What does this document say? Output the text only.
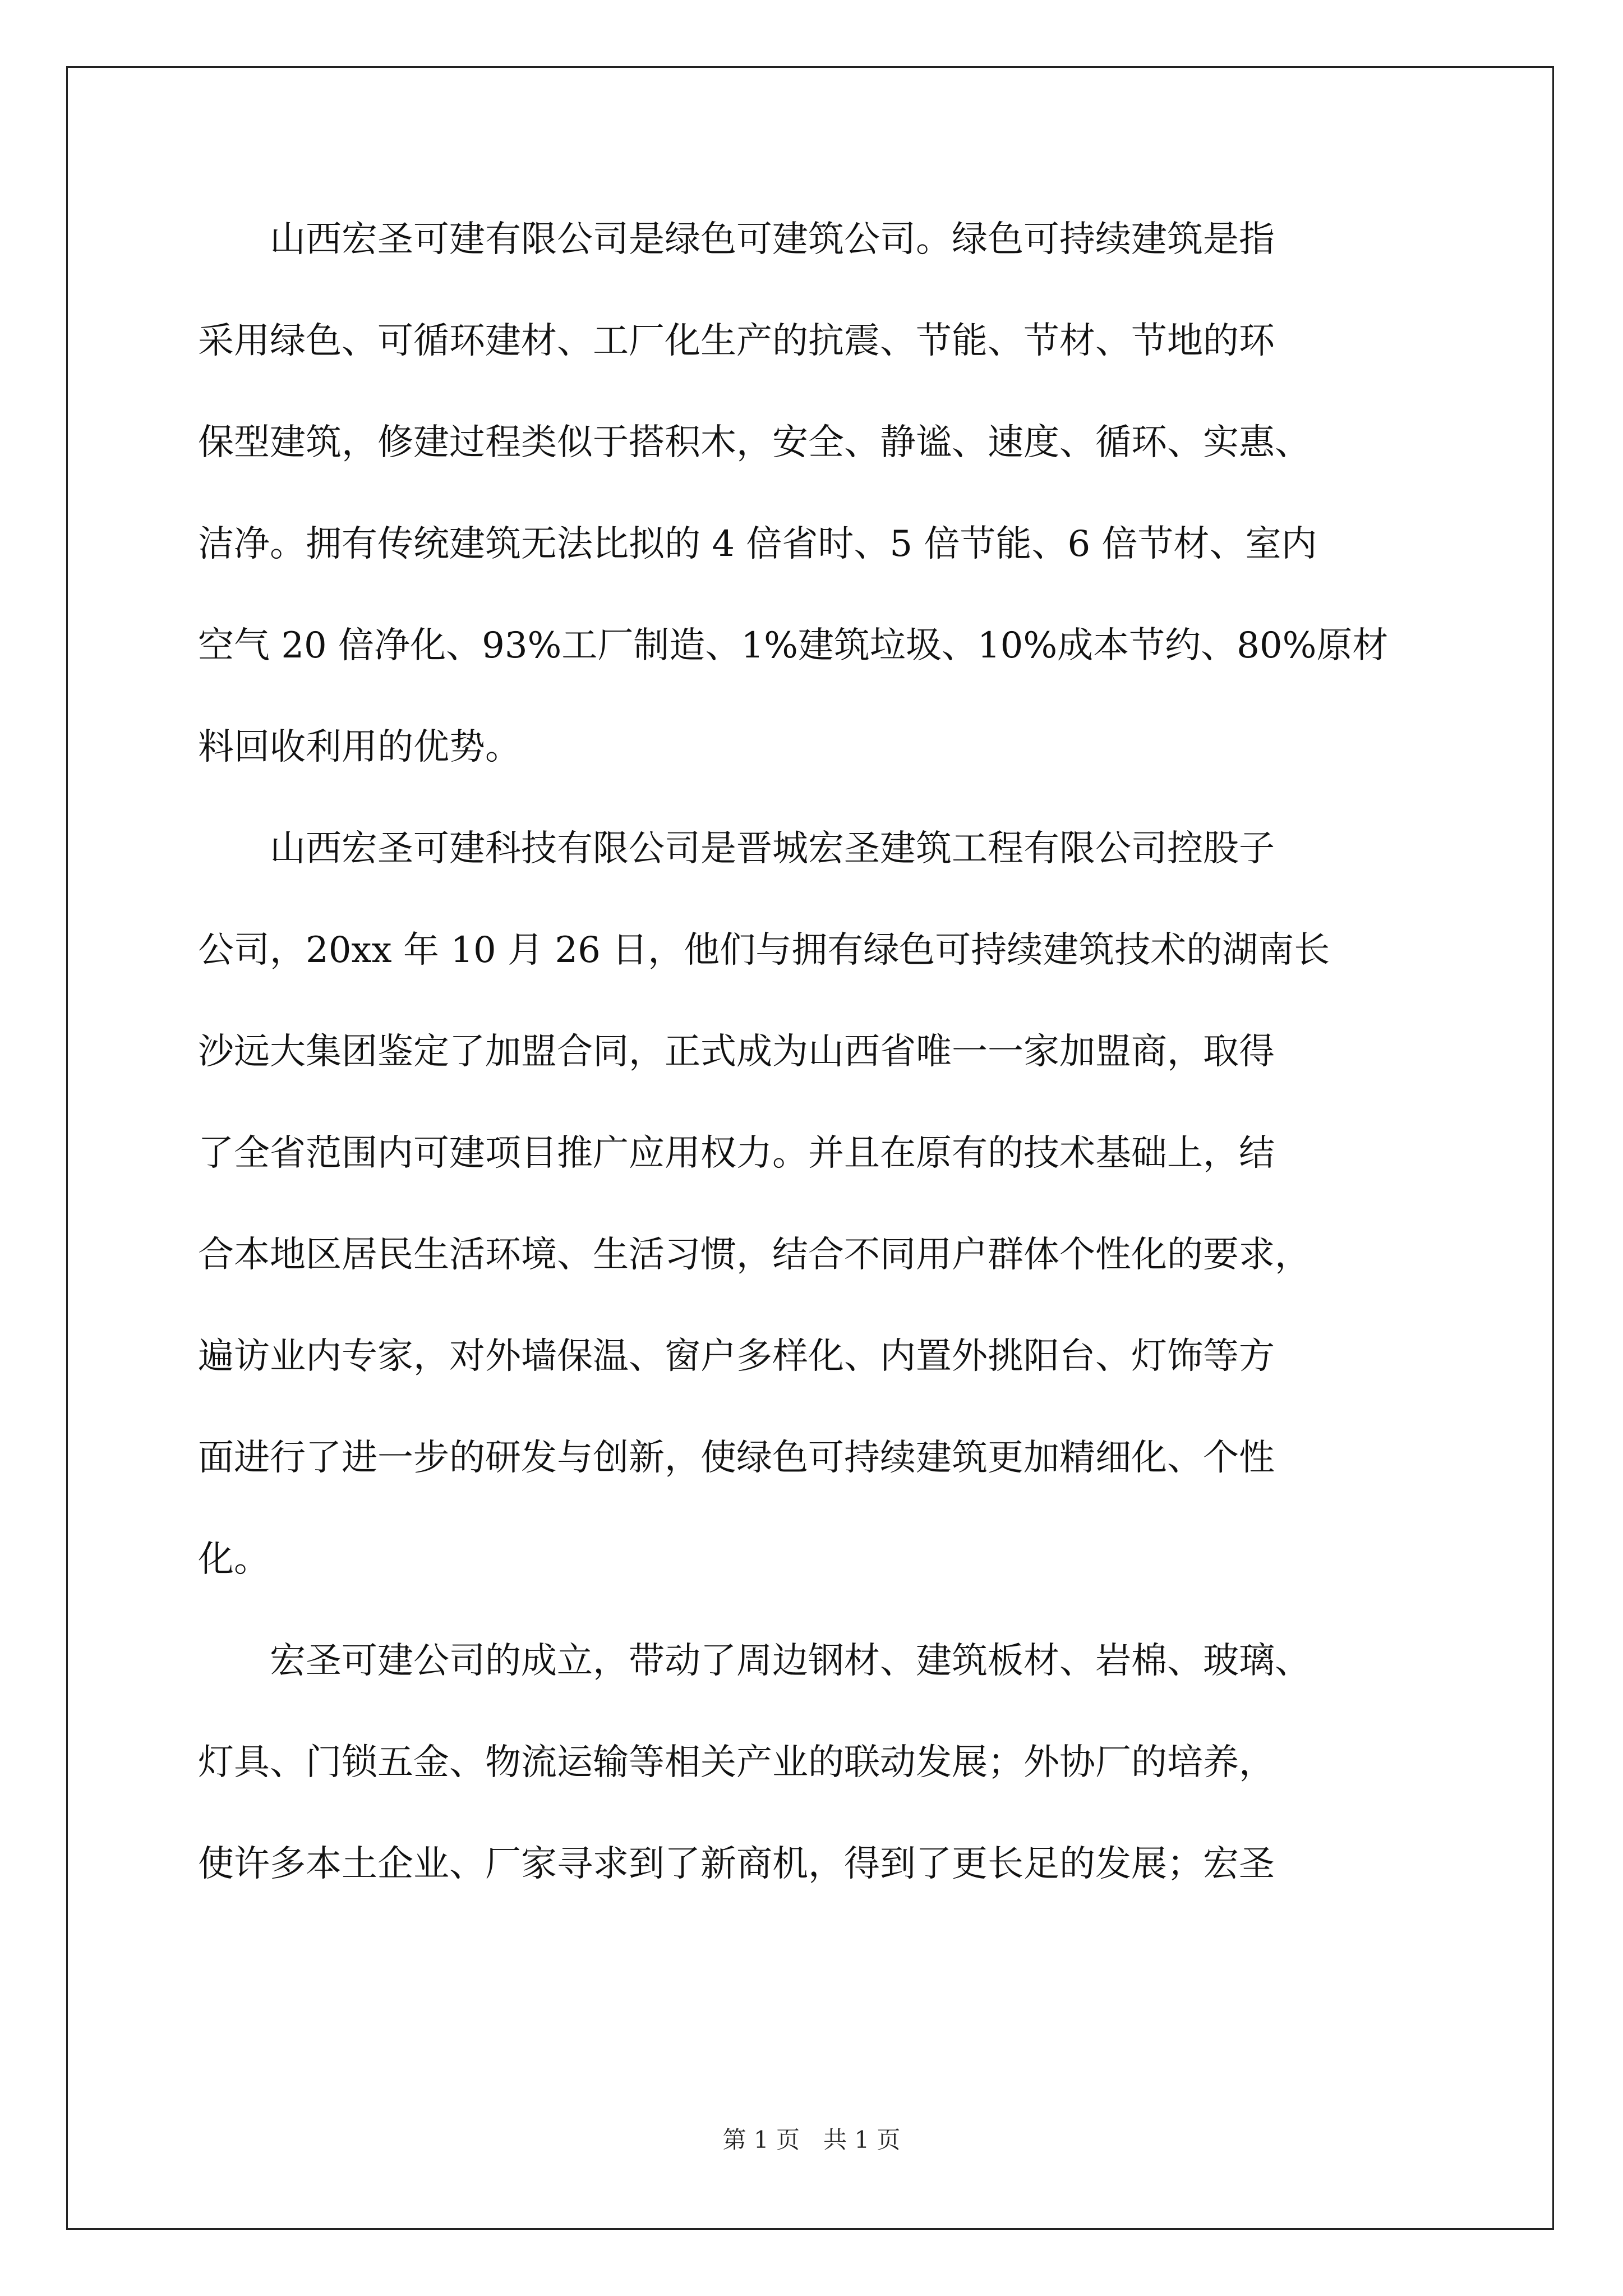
　　山西宏圣可建有限公司是绿色可建筑公司。绿色可持续建筑是指
采用绿色、可循环建材、工厂化生产的抗震、节能、节材、节地的环
保型建筑，修建过程类似于搭积木，安全、静谧、速度、循环、实惠、
洁净。拥有传统建筑无法比拟的 4 倍省时、5 倍节能、6 倍节材、室内
空气 20 倍净化、93%工厂制造、1%建筑垃圾、10%成本节约、80%原材
料回收利用的优势。
　　山西宏圣可建科技有限公司是晋城宏圣建筑工程有限公司控股子
公司，20xx 年 10 月 26 日，他们与拥有绿色可持续建筑技术的湖南长
沙远大集团鉴定了加盟合同，正式成为山西省唯一一家加盟商，取得
了全省范围内可建项目推广应用权力。并且在原有的技术基础上，结
合本地区居民生活环境、生活习惯，结合不同用户群体个性化的要求，
遍访业内专家，对外墙保温、窗户多样化、内置外挑阳台、灯饰等方
面进行了进一步的研发与创新，使绿色可持续建筑更加精细化、个性
化。
　　宏圣可建公司的成立，带动了周边钢材、建筑板材、岩棉、玻璃、
灯具、门锁五金、物流运输等相关产业的联动发展；外协厂的培养，
使许多本土企业、厂家寻求到了新商机，得到了更长足的发展；宏圣
第 1 页　共 1 页
